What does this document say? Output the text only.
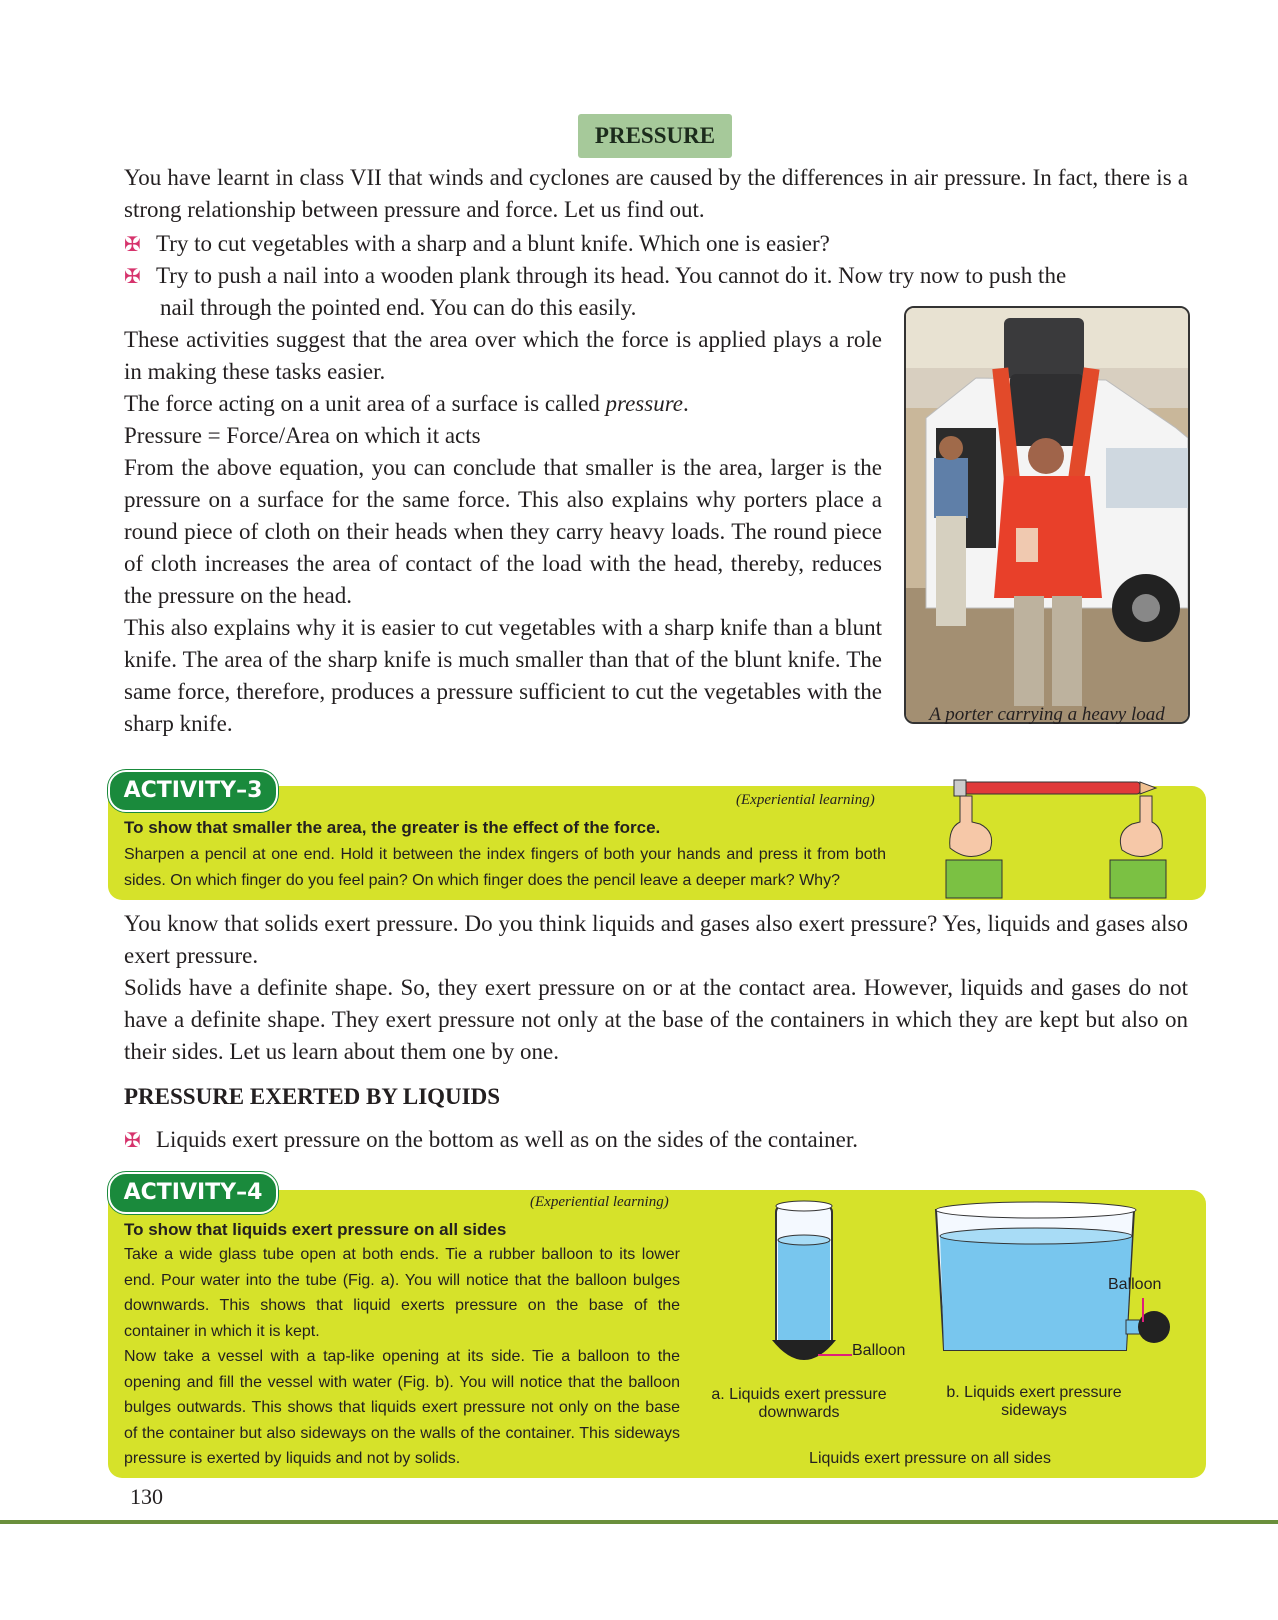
PRESSURE
You have learnt in class VII that winds and cyclones are caused by the differences in air pressure. In fact, there is a strong relationship between pressure and force. Let us find out.
✠ Try to cut vegetables with a sharp and a blunt knife. Which one is easier?
✠ Try to push a nail into a wooden plank through its head. You cannot do it. Now try now to push the
nail through the pointed end. You can do this easily.
These activities suggest that the area over which the force is applied plays a role in making these tasks easier.
The force acting on a unit area of a surface is called pressure.
Pressure = Force/Area on which it acts
From the above equation, you can conclude that smaller is the area, larger is the pressure on a surface for the same force. This also explains why porters place a round piece of cloth on their heads when they carry heavy loads. The round piece of cloth increases the area of contact of the load with the head, thereby, reduces the pressure on the head.
This also explains why it is easier to cut vegetables with a sharp knife than a blunt knife. The area of the sharp knife is much smaller than that of the blunt knife. The same force, therefore, produces a pressure sufficient to cut the vegetables with the sharp knife.	A porter carrying a heavy load
ACTIVITY–3	(Experiential learning)
To show that smaller the area, the greater is the effect of the force.
Sharpen a pencil at one end. Hold it between the index fingers of both your hands and press it from both sides. On which finger do you feel pain? On which finger does the pencil leave a deeper mark? Why?
You know that solids exert pressure. Do you think liquids and gases also exert pressure? Yes, liquids and gases also exert pressure.
Solids have a definite shape. So, they exert pressure on or at the contact area. However, liquids and gases do not have a definite shape. They exert pressure not only at the base of the containers in which they are kept but also on their sides. Let us learn about them one by one.
PRESSURE EXERTED BY LIQUIDS
✠ Liquids exert pressure on the bottom as well as on the sides of the container.
ACTIVITY–4	(Experiential learning)
To show that liquids exert pressure on all sides
Take a wide glass tube open at both ends. Tie a rubber balloon to its lower end. Pour water into the tube (Fig. a). You will notice that the balloon bulges downwards. This shows that liquid exerts pressure on the base of the container in which it is kept.
Now take a vessel with a tap-like opening at its side. Tie a balloon to the opening and fill the vessel with water (Fig. b). You will notice that the balloon bulges outwards. This shows that liquids exert pressure not only on the base of the container but also sideways on the walls of the container. This sideways pressure is exerted by liquids and not by solids.
Balloon
a. Liquids exert pressure downwards
Balloon
b. Liquids exert pressure sideways
Liquids exert pressure on all sides
130
